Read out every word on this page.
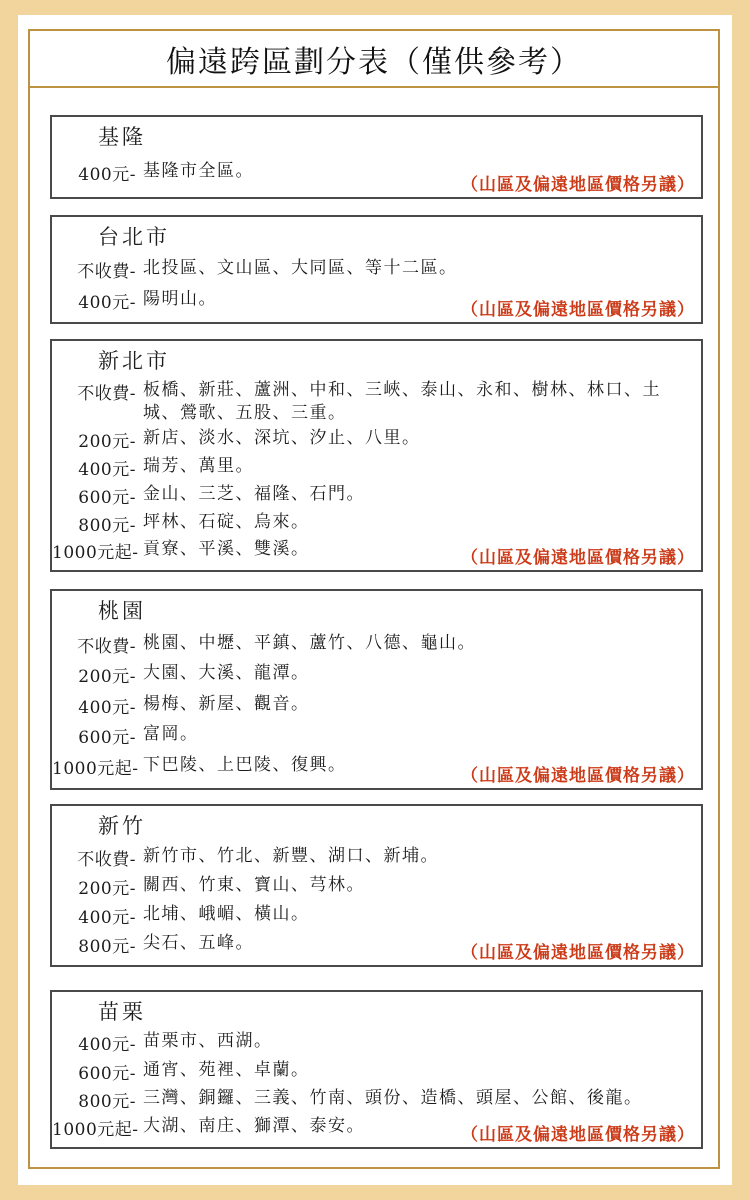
偏遠跨區劃分表（僅供參考）
基隆
400元- 基隆市全區。
（山區及偏遠地區價格另議）
台北市
不收費- 北投區、文山區、大同區、等十二區。
400元- 陽明山。
（山區及偏遠地區價格另議）
新北市
不收費- 板橋、新莊、蘆洲、中和、三峽、泰山、永和、樹林、林口、土城、鶯歌、五股、三重。
200元- 新店、淡水、深坑、汐止、八里。
400元- 瑞芳、萬里。
600元- 金山、三芝、福隆、石門。
800元- 坪林、石碇、烏來。
1000元起- 貢寮、平溪、雙溪。	（山區及偏遠地區價格另議）
桃園
不收費- 桃園、中壢、平鎮、蘆竹、八德、龜山。
200元- 大園、大溪、龍潭。
400元- 楊梅、新屋、觀音。
600元- 富岡。
1000元起- 下巴陵、上巴陵、復興。
（山區及偏遠地區價格另議）
新竹
不收費- 新竹市、竹北、新豐、湖口、新埔。
200元- 關西、竹東、寶山、芎林。
400元- 北埔、峨嵋、橫山。
800元- 尖石、五峰。	（山區及偏遠地區價格另議）
苗栗
400元- 苗栗市、西湖。
600元- 通宵、苑裡、卓蘭。
800元- 三灣、銅鑼、三義、竹南、頭份、造橋、頭屋、公館、後龍。
1000元起- 大湖、南庄、獅潭、泰安。	（山區及偏遠地區價格另議）
